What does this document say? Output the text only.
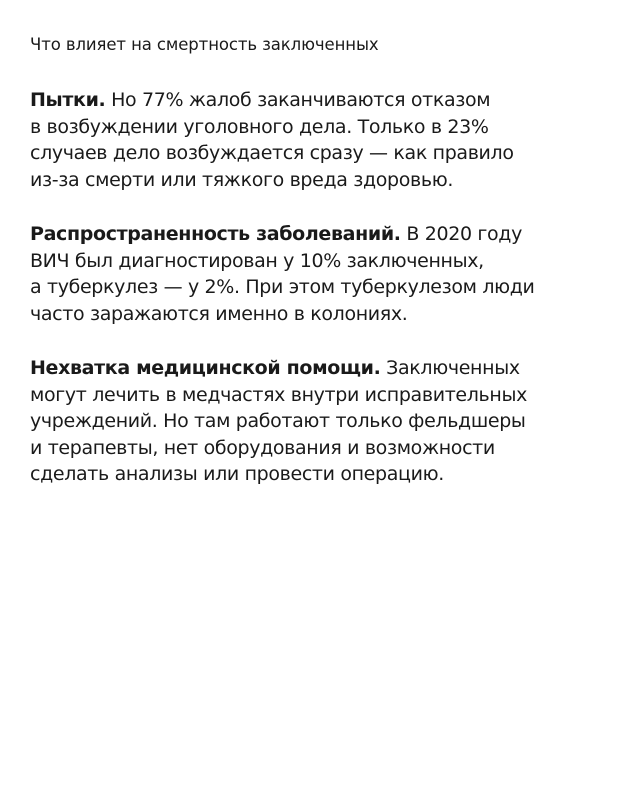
Что влияет на смертность заключенных
Пытки. Но 77% жалоб заканчиваются отказом
в возбуждении уголовного дела. Только в 23%
случаев дело возбуждается сразу — как правило
из-за смерти или тяжкого вреда здоровью.
Распространенность заболеваний. В 2020 году
ВИЧ был диагностирован у 10% заключенных,
а туберкулез — у 2%. При этом туберкулезом люди
часто заражаются именно в колониях.
Нехватка медицинской помощи. Заключенных
могут лечить в медчастях внутри исправительных
учреждений. Но там работают только фельдшеры
и терапевты, нет оборудования и возможности
сделать анализы или провести операцию.
